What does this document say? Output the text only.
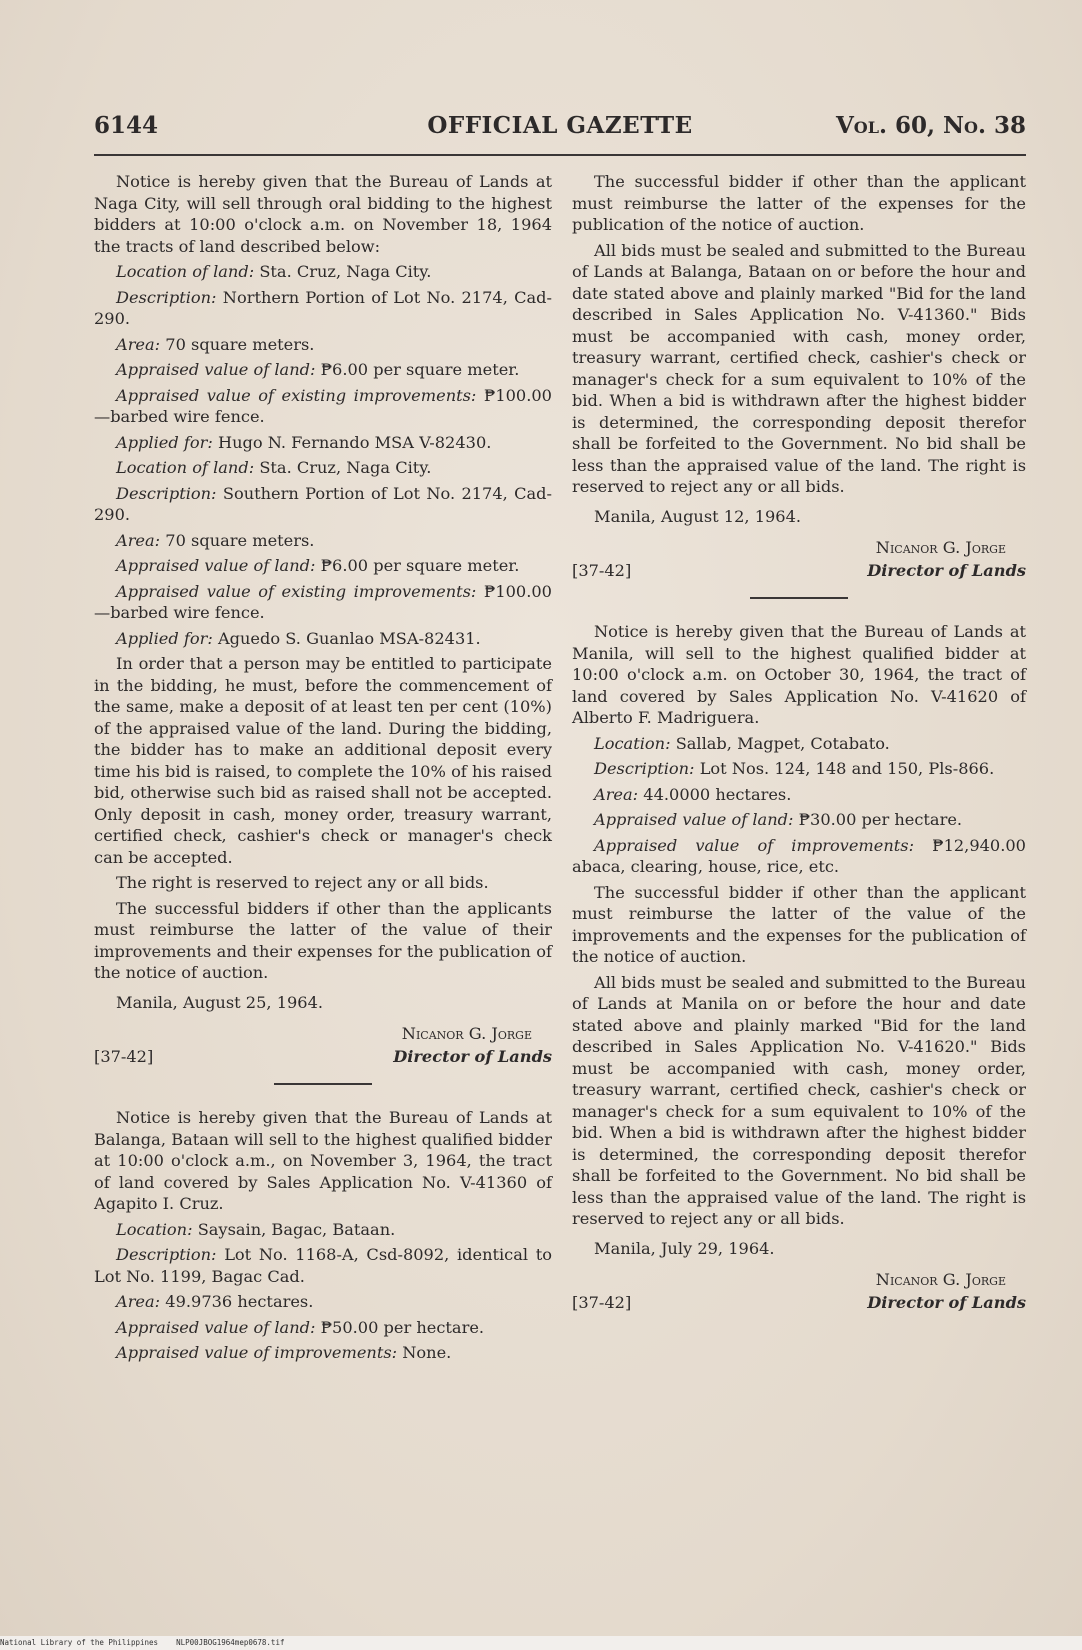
6144	OFFICIAL GAZETTE	Vol. 60, No. 38

Notice is hereby given that the Bureau of Lands at Naga City, will sell through oral bidding to the highest bidders at 10:00 o'clock a.m. on November 18, 1964 the tracts of land described below:

Location of land: Sta. Cruz, Naga City.

Description: Northern Portion of Lot No. 2174, Cad-290.

Area: 70 square meters.

Appraised value of land: ₱6.00 per square meter.

Appraised value of existing improvements: ₱100.00—barbed wire fence.

Applied for: Hugo N. Fernando MSA V-82430.

Location of land: Sta. Cruz, Naga City.

Description: Southern Portion of Lot No. 2174, Cad-290.

Area: 70 square meters.

Appraised value of land: ₱6.00 per square meter.

Appraised value of existing improvements: ₱100.00—barbed wire fence.

Applied for: Aguedo S. Guanlao MSA-82431.

In order that a person may be entitled to participate in the bidding, he must, before the commencement of the same, make a deposit of at least ten per cent (10%) of the appraised value of the land. During the bidding, the bidder has to make an additional deposit every time his bid is raised, to complete the 10% of his raised bid, otherwise such bid as raised shall not be accepted. Only deposit in cash, money order, treasury warrant, certified check, cashier's check or manager's check can be accepted.

The right is reserved to reject any or all bids.

The successful bidders if other than the applicants must reimburse the latter of the value of their improvements and their expenses for the publication of the notice of auction.

Manila, August 25, 1964.

[37-42]
Nicanor G. Jorge
Director of Lands

Notice is hereby given that the Bureau of Lands at Balanga, Bataan will sell to the highest qualified bidder at 10:00 o'clock a.m., on November 3, 1964, the tract of land covered by Sales Application No. V-41360 of Agapito I. Cruz.

Location: Saysain, Bagac, Bataan.

Description: Lot No. 1168-A, Csd-8092, identical to Lot No. 1199, Bagac Cad.

Area: 49.9736 hectares.

Appraised value of land: ₱50.00 per hectare.

Appraised value of improvements: None.

The successful bidder if other than the applicant must reimburse the latter of the expenses for the publication of the notice of auction.

All bids must be sealed and submitted to the Bureau of Lands at Balanga, Bataan on or before the hour and date stated above and plainly marked "Bid for the land described in Sales Application No. V-41360." Bids must be accompanied with cash, money order, treasury warrant, certified check, cashier's check or manager's check for a sum equivalent to 10% of the bid. When a bid is withdrawn after the highest bidder is determined, the corresponding deposit therefor shall be forfeited to the Government. No bid shall be less than the appraised value of the land. The right is reserved to reject any or all bids.

Manila, August 12, 1964.

[37-42]
Nicanor G. Jorge
Director of Lands

Notice is hereby given that the Bureau of Lands at Manila, will sell to the highest qualified bidder at 10:00 o'clock a.m. on October 30, 1964, the tract of land covered by Sales Application No. V-41620 of Alberto F. Madriguera.

Location: Sallab, Magpet, Cotabato.

Description: Lot Nos. 124, 148 and 150, Pls-866.

Area: 44.0000 hectares.

Appraised value of land: ₱30.00 per hectare.

Appraised value of improvements: ₱12,940.00 abaca, clearing, house, rice, etc.

The successful bidder if other than the applicant must reimburse the latter of the value of the improvements and the expenses for the publication of the notice of auction.

All bids must be sealed and submitted to the Bureau of Lands at Manila on or before the hour and date stated above and plainly marked "Bid for the land described in Sales Application No. V-41620." Bids must be accompanied with cash, money order, treasury warrant, certified check, cashier's check or manager's check for a sum equivalent to 10% of the bid. When a bid is withdrawn after the highest bidder is determined, the corresponding deposit therefor shall be forfeited to the Government. No bid shall be less than the appraised value of the land. The right is reserved to reject any or all bids.

Manila, July 29, 1964.

[37-42]
Nicanor G. Jorge
Director of Lands
National Library of the Philippines NLP00JBOG1964mep0678.tif
